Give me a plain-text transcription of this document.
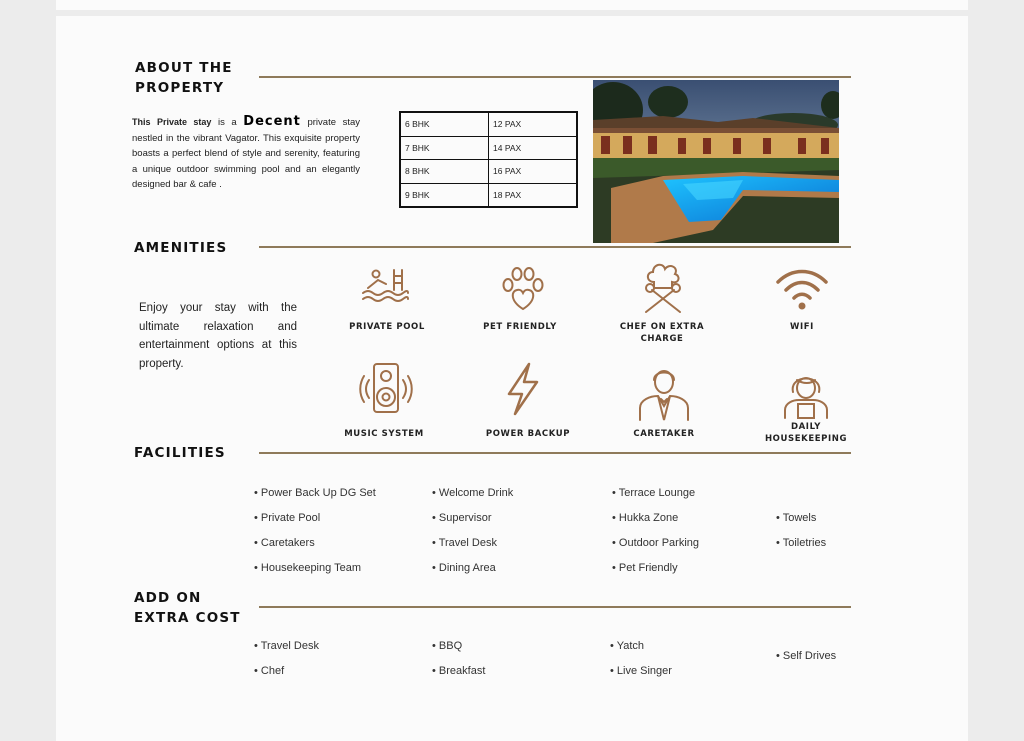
ABOUT THE
PROPERTY
This Private stay is a Decent private stay nestled in the vibrant Vagator. This exquisite property boasts a perfect blend of style and serenity, featuring a unique outdoor swimming pool and an elegantly designed bar & cafe .
6 BHK	12 PAX
7 BHK	14 PAX
8 BHK	16 PAX
9 BHK	18 PAX
AMENITIES
Enjoy your stay with the ultimate relaxation and entertainment options at this property.
PRIVATE POOL	PET FRIENDLY	CHEF ON EXTRA
CHARGE
WIFI
MUSIC SYSTEM	POWER BACKUP	CARETAKER
DAILY
HOUSEKEEPING
FACILITIES
• Power Back Up DG Set
• Private Pool
• Caretakers
• Housekeeping Team
• Welcome Drink
• Supervisor
• Travel Desk
• Dining Area
• Terrace Lounge
• Hukka Zone
• Outdoor Parking
• Pet Friendly
• Towels
• Toiletries
ADD ON
EXTRA COST
• Travel Desk
• Chef
• BBQ
• Breakfast
• Yatch
• Live Singer
• Self Drives
